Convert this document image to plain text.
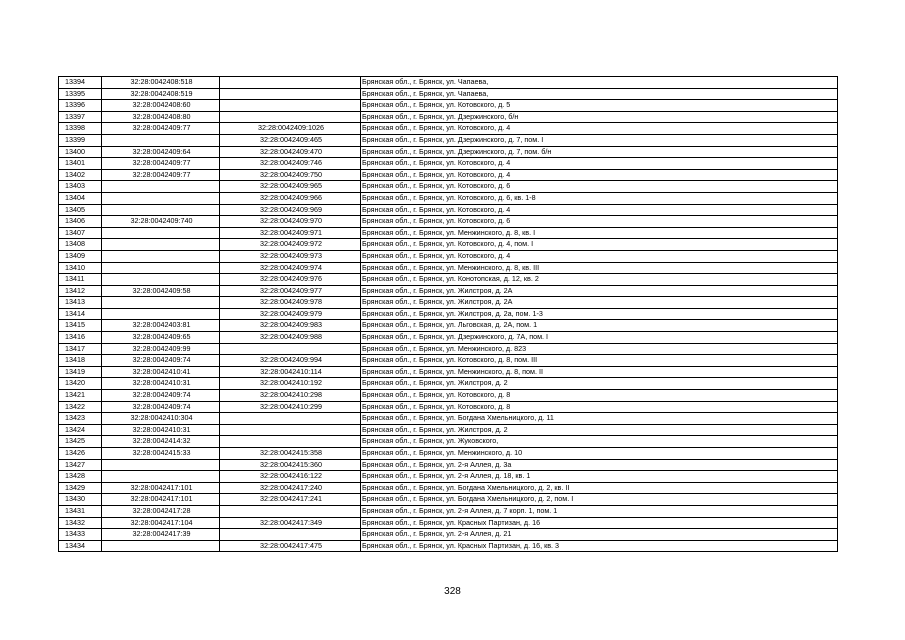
13394	32:28:0042408:518		Брянская обл., г. Брянск, ул. Чапаева,
13395	32:28:0042408:519		Брянская обл., г. Брянск, ул. Чапаева,
13396	32:28:0042408:60		Брянская обл., г. Брянск, ул. Котовского, д. 5
13397	32:28:0042408:80		Брянская обл., г. Брянск, ул. Дзержинского, б/н
13398	32:28:0042409:77	32:28:0042409:1026	Брянская обл., г. Брянск, ул. Котовского, д. 4
13399		32:28:0042409:465	Брянская обл., г. Брянск, ул. Дзержинского, д. 7, пом. I
13400	32:28:0042409:64	32:28:0042409:470	Брянская обл., г. Брянск, ул. Дзержинского, д. 7, пом. б/н
13401	32:28:0042409:77	32:28:0042409:746	Брянская обл., г. Брянск, ул. Котовского, д. 4
13402	32:28:0042409:77	32:28:0042409:750	Брянская обл., г. Брянск, ул. Котовского, д. 4
13403		32:28:0042409:965	Брянская обл., г. Брянск, ул. Котовского, д. 6
13404		32:28:0042409:966	Брянская обл., г. Брянск, ул. Котовского, д. 6, кв. 1-8
13405		32:28:0042409:969	Брянская обл., г. Брянск, ул. Котовского, д. 4
13406	32:28:0042409:740	32:28:0042409:970	Брянская обл., г. Брянск, ул. Котовского, д. 6
13407		32:28:0042409:971	Брянская обл., г. Брянск, ул. Менжинского, д. 8, кв. I
13408		32:28:0042409:972	Брянская обл., г. Брянск, ул. Котовского, д. 4, пом. I
13409		32:28:0042409:973	Брянская обл., г. Брянск, ул. Котовского, д. 4
13410		32:28:0042409:974	Брянская обл., г. Брянск, ул. Менжинского, д. 8, кв. III
13411		32:28:0042409:976	Брянская обл., г. Брянск, ул. Конотопская, д. 12, кв. 2
13412	32:28:0042409:58	32:28:0042409:977	Брянская обл., г. Брянск, ул. Жилстроя, д. 2А
13413		32:28:0042409:978	Брянская обл., г. Брянск, ул. Жилстроя, д. 2А
13414		32:28:0042409:979	Брянская обл., г. Брянск, ул. Жилстроя, д. 2а, пом. 1-3
13415	32:28:0042403:81	32:28:0042409:983	Брянская обл., г. Брянск, ул. Льговская, д. 2А, пом. 1
13416	32:28:0042409:65	32:28:0042409:988	Брянская обл., г. Брянск, ул. Дзержинского, д. 7А, пом. I
13417	32:28:0042409:99		Брянская обл., г. Брянск, ул. Менжинского, д. 823
13418	32:28:0042409:74	32:28:0042409:994	Брянская обл., г. Брянск, ул. Котовского, д. 8, пом. III
13419	32:28:0042410:41	32:28:0042410:114	Брянская обл., г. Брянск, ул. Менжинского, д. 8, пом. II
13420	32:28:0042410:31	32:28:0042410:192	Брянская обл., г. Брянск, ул. Жилстроя, д. 2
13421	32:28:0042409:74	32:28:0042410:298	Брянская обл., г. Брянск, ул. Котовского, д. 8
13422	32:28:0042409:74	32:28:0042410:299	Брянская обл., г. Брянск, ул. Котовского, д. 8
13423	32:28:0042410:304		Брянская обл., г. Брянск, ул. Богдана Хмельницкого, д. 11
13424	32:28:0042410:31		Брянская обл., г. Брянск, ул. Жилстроя, д. 2
13425	32:28:0042414:32		Брянская обл., г. Брянск, ул. Жуковского,
13426	32:28:0042415:33	32:28:0042415:358	Брянская обл., г. Брянск, ул. Менжинского, д. 10
13427		32:28:0042415:360	Брянская обл., г. Брянск, ул. 2-я Аллея, д. 3а
13428		32:28:0042416:122	Брянская обл., г. Брянск, ул. 2-я Аллея, д. 18, кв. 1
13429	32:28:0042417:101	32:28:0042417:240	Брянская обл., г. Брянск, ул. Богдана Хмельницкого, д. 2, кв. II
13430	32:28:0042417:101	32:28:0042417:241	Брянская обл., г. Брянск, ул. Богдана Хмельницкого, д. 2, пом. I
13431	32:28:0042417:28		Брянская обл., г. Брянск, ул. 2-я Аллея, д. 7 корп. 1, пом. 1
13432	32:28:0042417:104	32:28:0042417:349	Брянская обл., г. Брянск, ул. Красных Партизан, д. 16
13433	32:28:0042417:39		Брянская обл., г. Брянск, ул. 2-я Аллея, д. 21
13434		32:28:0042417:475	Брянская обл., г. Брянск, ул. Красных Партизан, д. 16, кв. 3
328
